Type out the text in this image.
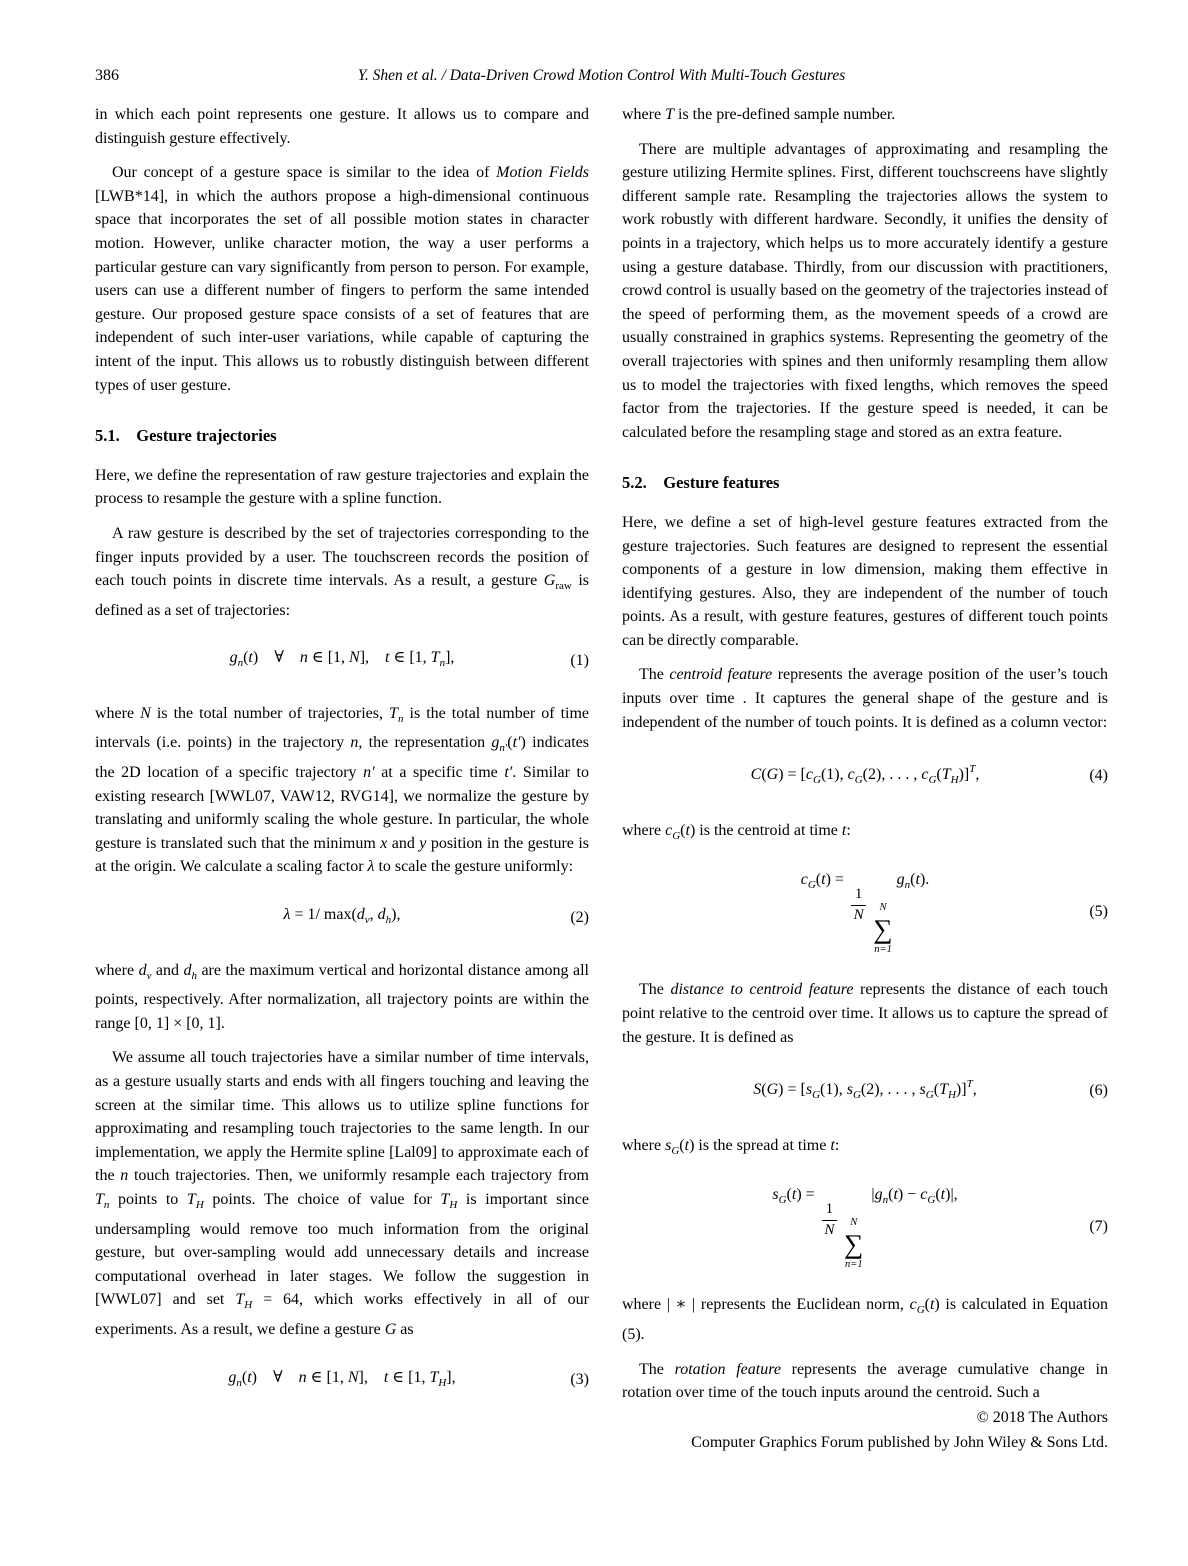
386	Y. Shen et al. / Data-Driven Crowd Motion Control With Multi-Touch Gestures

in which each point represents one gesture. It allows us to compare and distinguish gesture effectively.

Our concept of a gesture space is similar to the idea of Motion Fields [LWB*14], in which the authors propose a high-dimensional continuous space that incorporates the set of all possible motion states in character motion. However, unlike character motion, the way a user performs a particular gesture can vary significantly from person to person. For example, users can use a different number of fingers to perform the same intended gesture. Our proposed gesture space consists of a set of features that are independent of such inter-user variations, while capable of capturing the intent of the input. This allows us to robustly distinguish between different types of user gesture.

5.1. Gesture trajectories

Here, we define the representation of raw gesture trajectories and explain the process to resample the gesture with a spline function.

A raw gesture is described by the set of trajectories corresponding to the finger inputs provided by a user. The touchscreen records the position of each touch points in discrete time intervals. As a result, a gesture $G_{raw}$ is defined as a set of trajectories:

$g_n(t)$ ∀ n ∈ [1, N], t ∈ [1, $T_n$],	(1)

where N is the total number of trajectories, $T_n$ is the total number of time intervals (i.e. points) in the trajectory n, the representation $g_{n'}(t')$ indicates the 2D location of a specific trajectory n′ at a specific time t′. Similar to existing research [WWL07, VAW12, RVG14], we normalize the gesture by translating and uniformly scaling the whole gesture. In particular, the whole gesture is translated such that the minimum x and y position in the gesture is at the origin. We calculate a scaling factor λ to scale the gesture uniformly:

λ = 1/ $\max(d_v$, $d_h$),	(2)

where $d_v$ and $d_h$ are the maximum vertical and horizontal distance among all points, respectively. After normalization, all trajectory points are within the range [0, 1] × [0, 1].

We assume all touch trajectories have a similar number of time intervals, as a gesture usually starts and ends with all fingers touching and leaving the screen at the similar time. This allows us to utilize spline functions for approximating and resampling touch trajectories to the same length. In our implementation, we apply the Hermite spline [Lal09] to approximate each of the n touch trajectories. Then, we uniformly resample each trajectory from $T_n$ points to $T_H$ points. The choice of value for $T_H$ is important since undersampling would remove too much information from the original gesture, but over-sampling would add unnecessary details and increase computational overhead in later stages. We follow the suggestion in [WWL07] and set $T_H = 64$, which works effectively in all of our experiments. As a result, we define a gesture G as

$g_n(t)$ ∀ n ∈ [1, N], t ∈ [1, $T_H$],	(3)

where T is the pre-defined sample number.

There are multiple advantages of approximating and resampling the gesture utilizing Hermite splines. First, different touchscreens have slightly different sample rate. Resampling the trajectories allows the system to work robustly with different hardware. Secondly, it unifies the density of points in a trajectory, which helps us to more accurately identify a gesture using a gesture database. Thirdly, from our discussion with practitioners, crowd control is usually based on the geometry of the trajectories instead of the speed of performing them, as the movement speeds of a crowd are usually constrained in graphics systems. Representing the geometry of the overall trajectories with spines and then uniformly resampling them allow us to model the trajectories with fixed lengths, which removes the speed factor from the trajectories. If the gesture speed is needed, it can be calculated before the resampling stage and stored as an extra feature.

5.2. Gesture features

Here, we define a set of high-level gesture features extracted from the gesture trajectories. Such features are designed to represent the essential components of a gesture in low dimension, making them effective in identifying gestures. Also, they are independent of the number of touch points. As a result, with gesture features, gestures of different touch points can be directly comparable.

The centroid feature represents the average position of the user’s touch inputs over time . It captures the general shape of the gesture and is independent of the number of touch points. It is defined as a column vector:

$C(G) = [c_G(1)$, $c_G(2)$, . . . , $c_G(T_H)]^T$,	(4)

where $c_G(t)$ is the centroid at time t:

$c_G(t)$ =
$\frac{1}{N}$ N
∑
n=1
$g_n(t)$.
(5)

The distance to centroid feature represents the distance of each touch point relative to the centroid over time. It allows us to capture the spread of the gesture. It is defined as

$S(G) = [s_G(1)$, $s_G(2)$, . . . , $s_G(T_H)]^T$,	(6)

where $s_G(t)$ is the spread at time t:

$s_G(t)$ =
$\frac{1}{N}$ N
∑
n=1
$|g_n(t) - c_G(t)|$,
(7)

where | ∗ | represents the Euclidean norm, $c_G(t)$ is calculated in Equation (5).

The rotation feature represents the average cumulative change in rotation over time of the touch inputs around the centroid. Such a

© 2018 The Authors
Computer Graphics Forum published by John Wiley & Sons Ltd.
